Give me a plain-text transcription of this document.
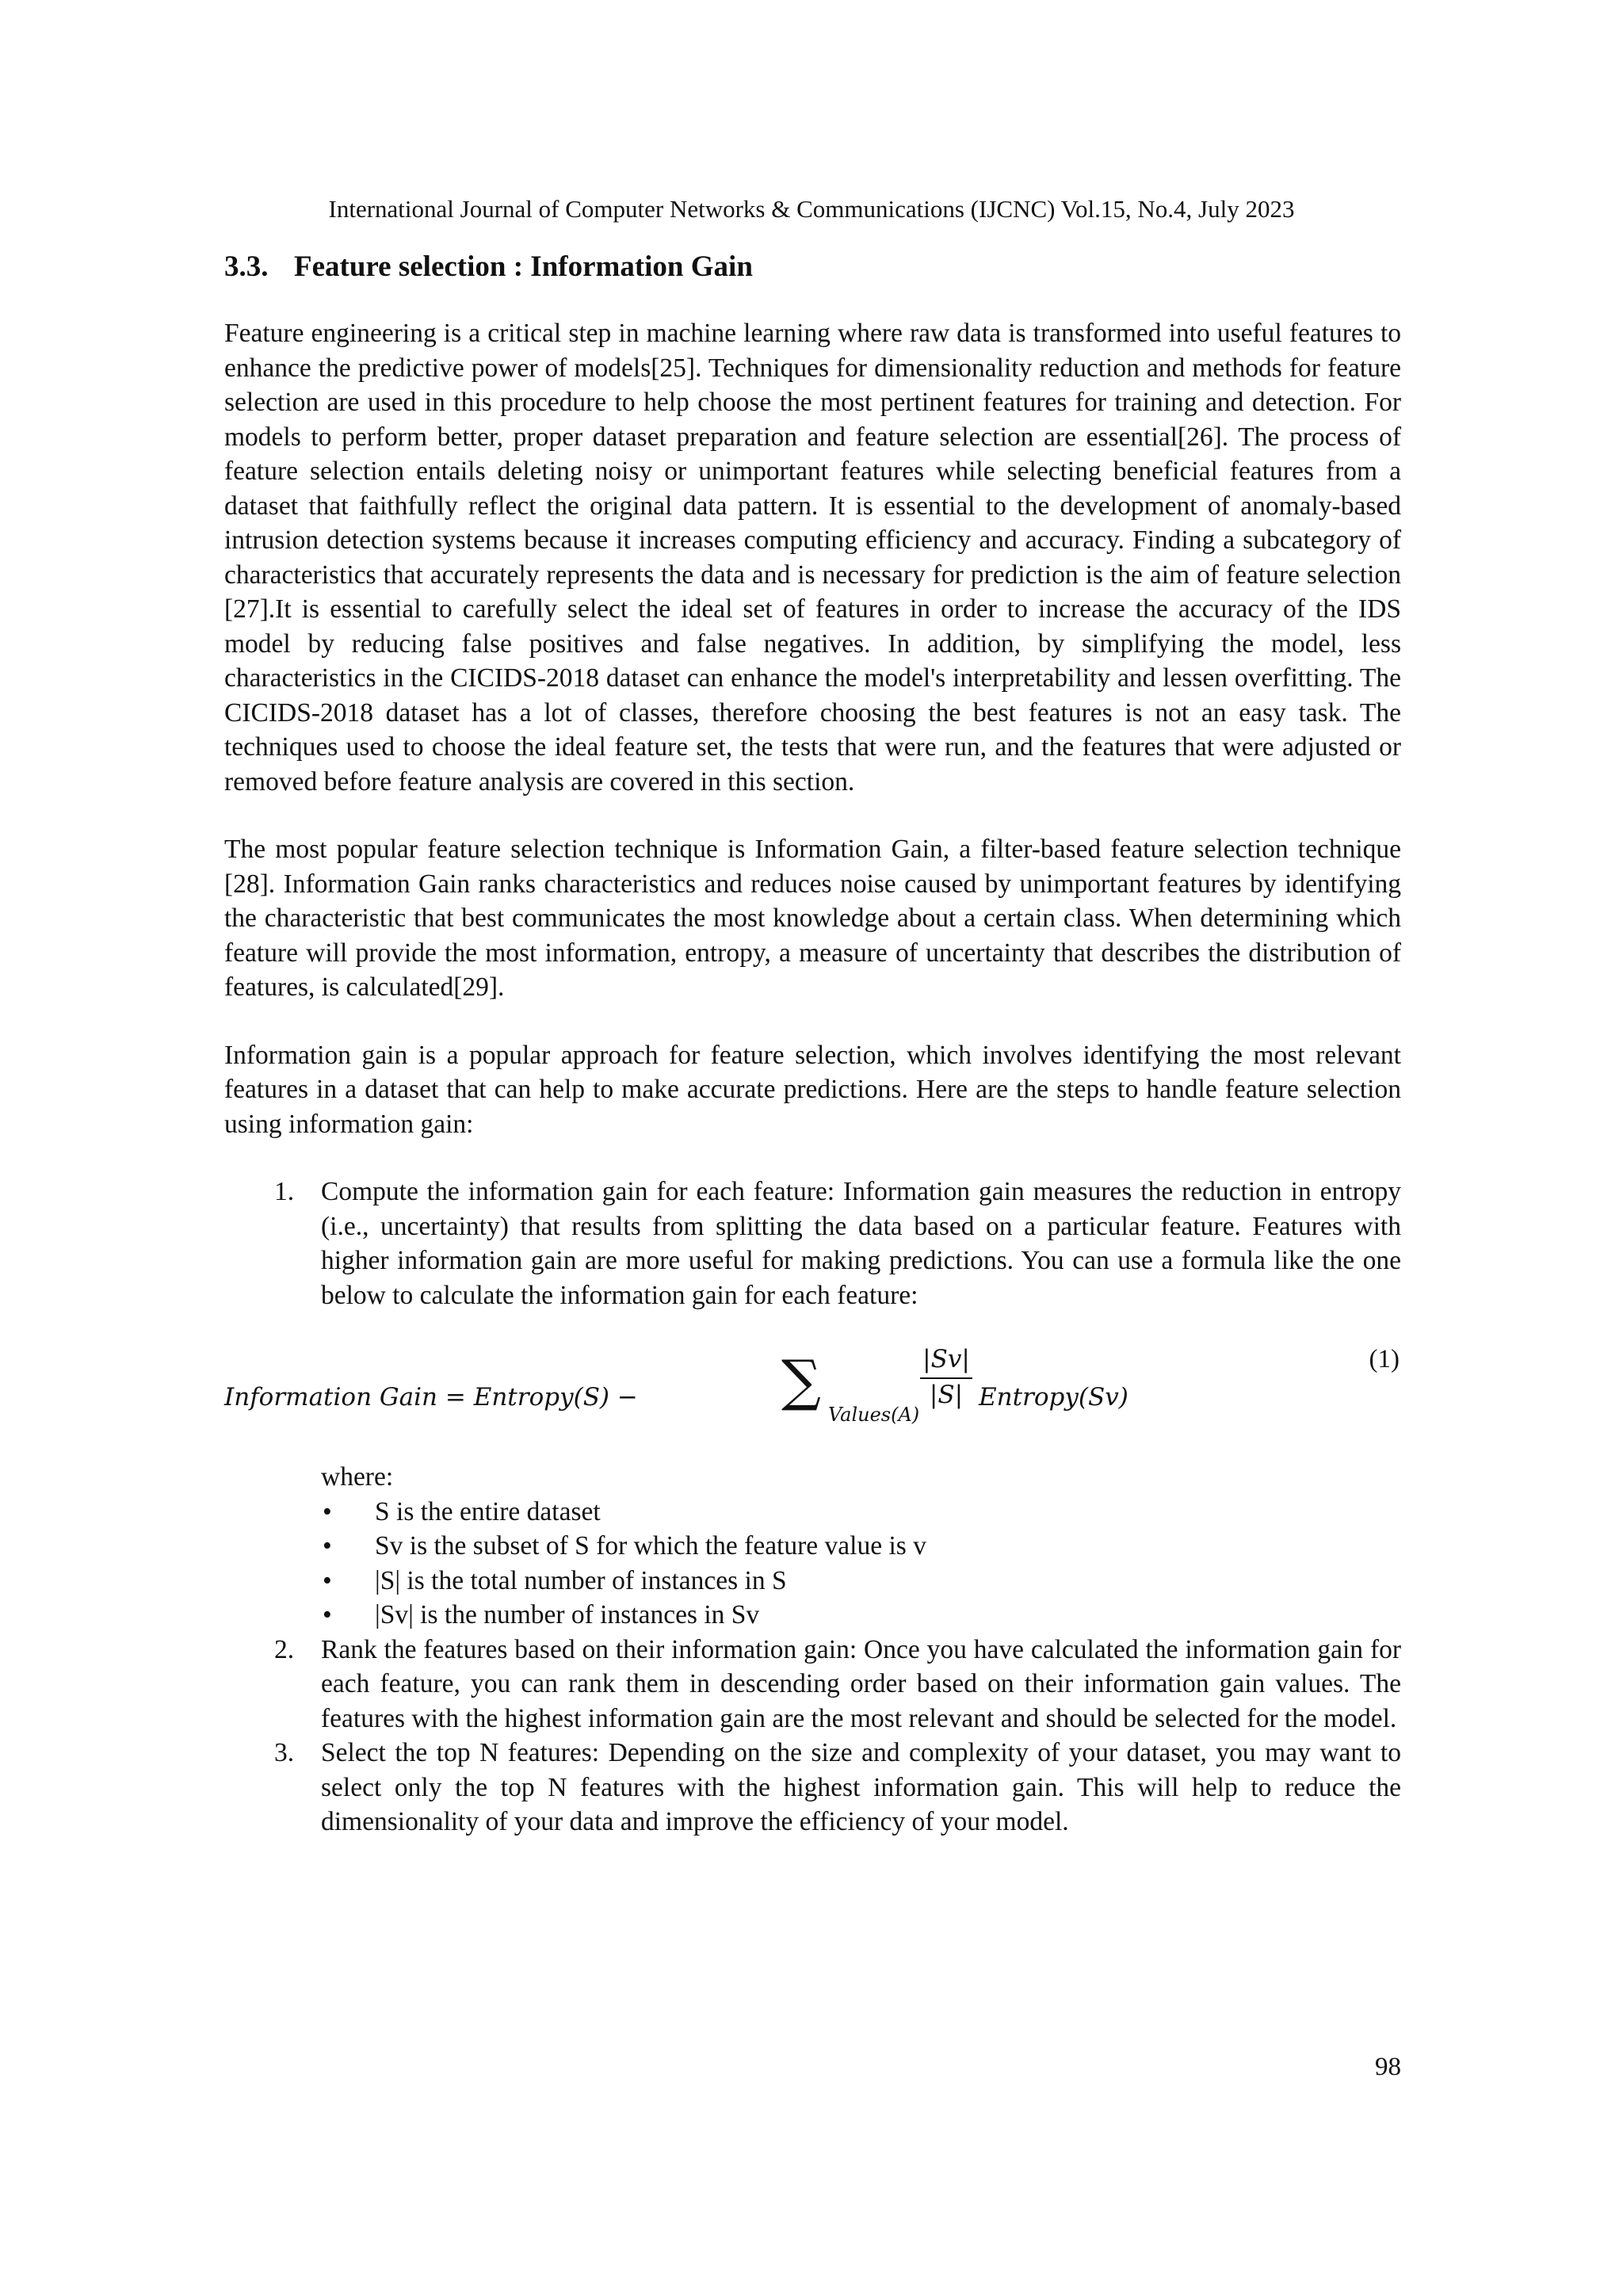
International Journal of Computer Networks & Communications (IJCNC) Vol.15, No.4, July 2023
3.3. Feature selection : Information Gain

Feature engineering is a critical step in machine learning where raw data is transformed into useful features to enhance the predictive power of models[25]. Techniques for dimensionality reduction and methods for feature selection are used in this procedure to help choose the most pertinent features for training and detection. For models to perform better, proper dataset preparation and feature selection are essential[26]. The process of feature selection entails deleting noisy or unimportant features while selecting beneficial features from a dataset that faithfully reflect the original data pattern. It is essential to the development of anomaly-based intrusion detection systems because it increases computing efficiency and accuracy. Finding a subcategory of characteristics that accurately represents the data and is necessary for prediction is the aim of feature selection [27].It is essential to carefully select the ideal set of features in order to increase the accuracy of the IDS model by reducing false positives and false negatives. In addition, by simplifying the model, less characteristics in the CICIDS-2018 dataset can enhance the model's interpretability and lessen overfitting. The CICIDS-2018 dataset has a lot of classes, therefore choosing the best features is not an easy task. The techniques used to choose the ideal feature set, the tests that were run, and the features that were adjusted or removed before feature analysis are covered in this section.

The most popular feature selection technique is Information Gain, a filter-based feature selection technique [28]. Information Gain ranks characteristics and reduces noise caused by unimportant features by identifying the characteristic that best communicates the most knowledge about a certain class. When determining which feature will provide the most information, entropy, a measure of uncertainty that describes the distribution of features, is calculated[29].

Information gain is a popular approach for feature selection, which involves identifying the most relevant features in a dataset that can help to make accurate predictions. Here are the steps to handle feature selection using information gain:

1. Compute the information gain for each feature: Information gain measures the reduction in entropy (i.e., uncertainty) that results from splitting the data based on a particular feature. Features with higher information gain are more useful for making predictions. You can use a formula like the one below to calculate the information gain for each feature:
Information Gain = Entropy(S) −	∑
Values(A)
$\frac{|Sv|}{|S|}$ Entropy(Sv)
(1)
where:
• S is the entire dataset
• Sv is the subset of S for which the feature value is v
• |S| is the total number of instances in S
• |Sv| is the number of instances in Sv
2. Rank the features based on their information gain: Once you have calculated the information gain for each feature, you can rank them in descending order based on their information gain values. The features with the highest information gain are the most relevant and should be selected for the model.
3. Select the top N features: Depending on the size and complexity of your dataset, you may want to select only the top N features with the highest information gain. This will help to reduce the dimensionality of your data and improve the efficiency of your model.
98
